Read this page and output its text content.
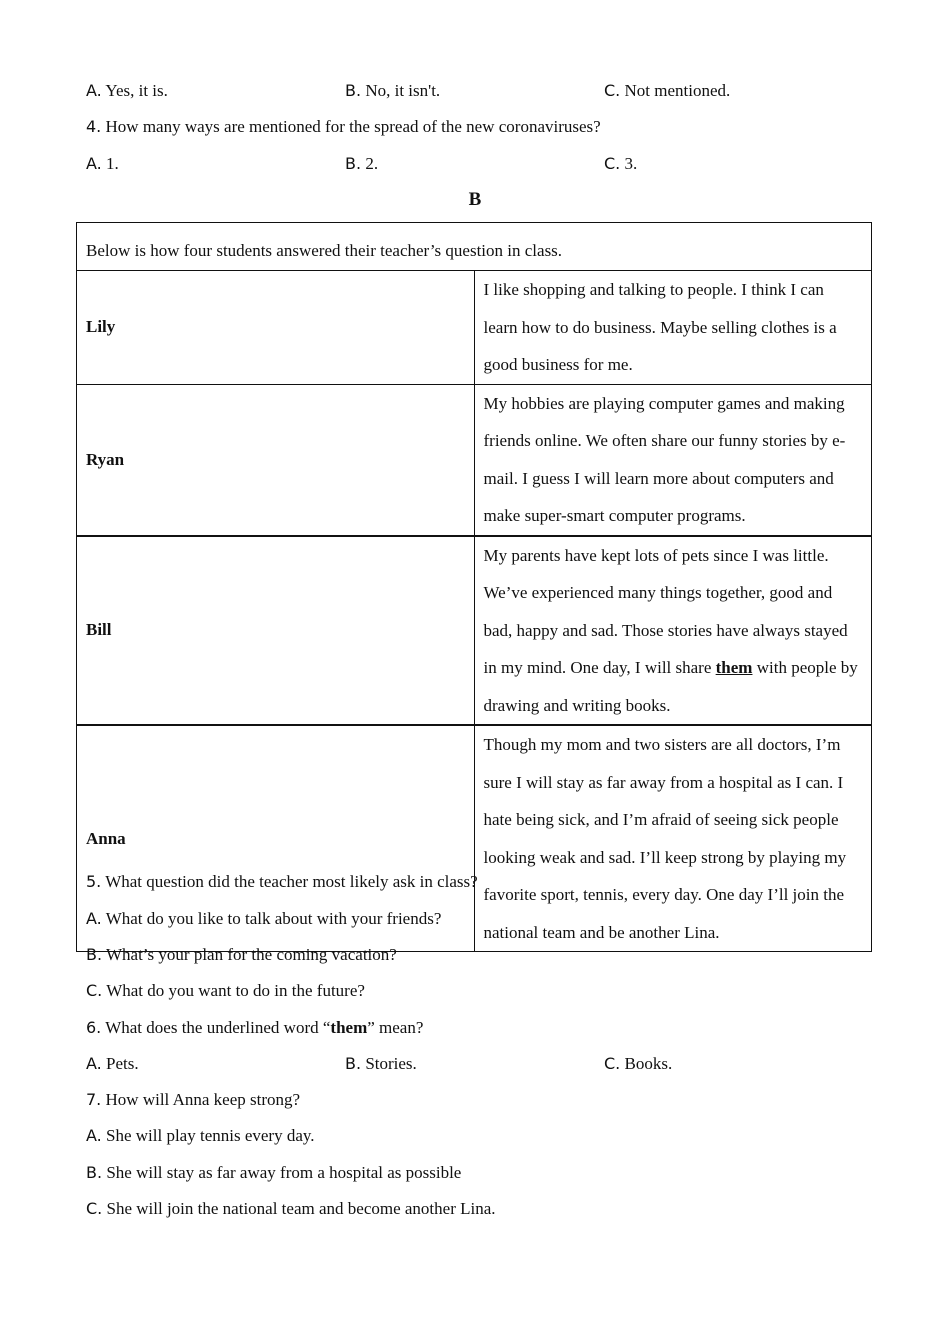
A. Yes, it is.	B. No, it isn't.	C. Not mentioned.
4. How many ways are mentioned for the spread of the new coronaviruses?
A. 1.	B. 2.	C. 3.
B
Below is how four students answered their teacher’s question in class.	

Lily	I like shopping and talking to people. I think I can learn how to do business. Maybe selling clothes is a good business for me.

Ryan	My hobbies are playing computer games and making friends online. We often share our funny stories by e-mail. I guess I will learn more about computers and make super-smart computer programs.

Bill	My parents have kept lots of pets since I was little. We’ve experienced many things together, good and bad, happy and sad. Those stories have always stayed in my mind. One day, I will share them with people by drawing and writing books.

Anna	Though my mom and two sisters are all doctors, I’m sure I will stay as far away from a hospital as I can. I hate being sick, and I’m afraid of seeing sick people looking weak and sad. I’ll keep strong by playing my favorite sport, tennis, every day. One day I’ll join the national team and be another Lina.
5. What question did the teacher most likely ask in class?
A. What do you like to talk about with your friends?
B. What’s your plan for the coming vacation?
C. What do you want to do in the future?
6. What does the underlined word “them” mean?
A. Pets.	B. Stories.	C. Books.
7. How will Anna keep strong?
A. She will play tennis every day.
B. She will stay as far away from a hospital as possible
C. She will join the national team and become another Lina.
